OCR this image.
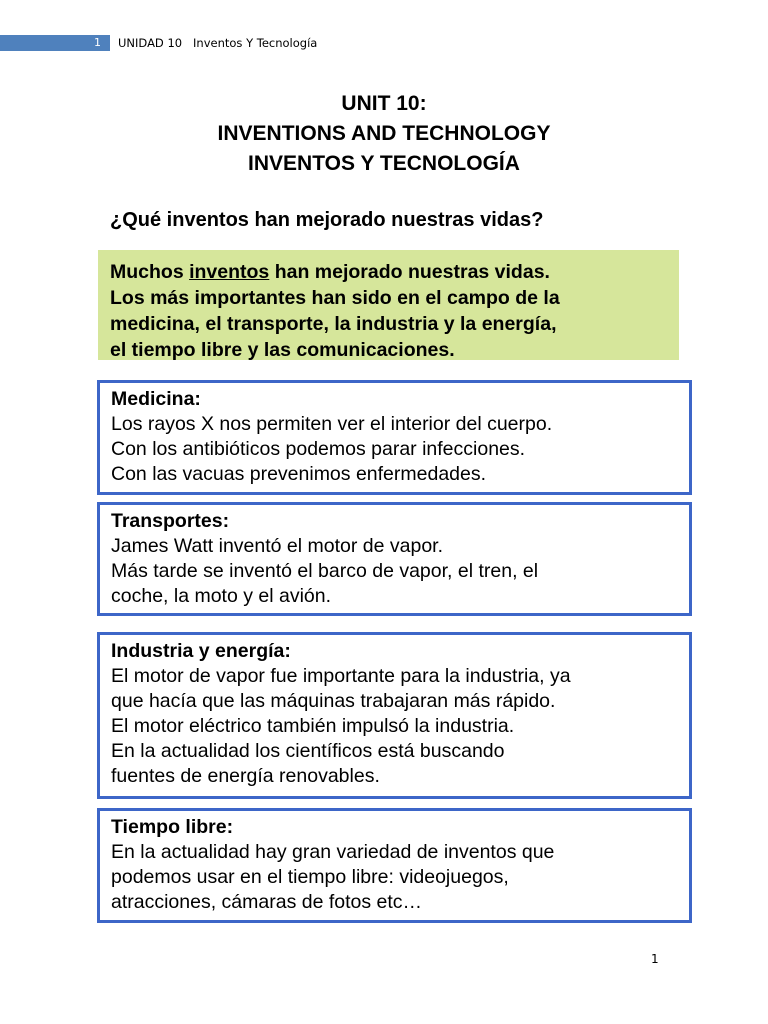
1 UNIDAD 10   Inventos Y Tecnología
UNIT 10:
INVENTIONS AND TECHNOLOGY
INVENTOS Y TECNOLOGÍA
¿Qué inventos han mejorado nuestras vidas?
Muchos inventos han mejorado nuestras vidas.
Los más importantes han sido en el campo de la
medicina, el transporte, la industria y la energía,
el tiempo libre y las comunicaciones.
Medicina:
Los rayos X nos permiten ver el interior del cuerpo.
Con los antibióticos podemos parar infecciones.
Con las vacuas prevenimos enfermedades.
Transportes:
James Watt inventó el motor de vapor.
Más tarde se inventó el barco de vapor, el tren, el
coche, la moto y el avión.
Industria y energía:
El motor de vapor fue importante para la industria, ya
que hacía que las máquinas trabajaran más rápido.
El motor eléctrico también impulsó la industria.
En la actualidad los científicos está buscando
fuentes de energía renovables.
Tiempo libre:
En la actualidad hay gran variedad de inventos que
podemos usar en el tiempo libre: videojuegos,
atracciones, cámaras de fotos etc…
1
